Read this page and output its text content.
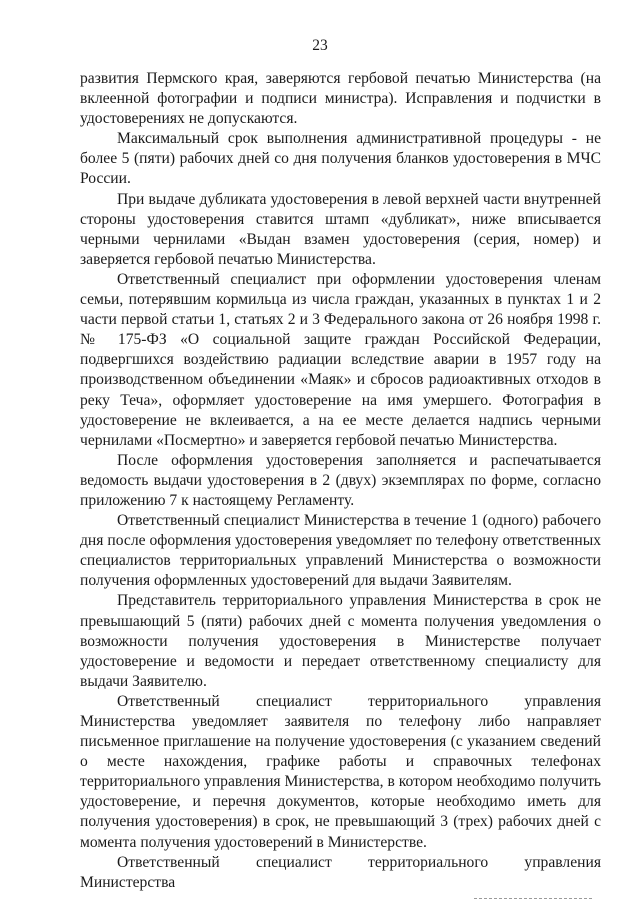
23

развития Пермского края, заверяются гербовой печатью Министерства (на вклеенной фотографии и подписи министра). Исправления и подчистки в удостоверениях не допускаются.

Максимальный срок выполнения административной процедуры - не более 5 (пяти) рабочих дней со дня получения бланков удостоверения в МЧС России.

При выдаче дубликата удостоверения в левой верхней части внутренней стороны удостоверения ставится штамп «дубликат», ниже вписывается черными чернилами «Выдан взамен удостоверения (серия, номер) и заверяется гербовой печатью Министерства.

Ответственный специалист при оформлении удостоверения членам семьи, потерявшим кормильца из числа граждан, указанных в пунктах 1 и 2 части первой статьи 1, статьях 2 и 3 Федерального закона от 26 ноября 1998 г. № 175-ФЗ «О социальной защите граждан Российской Федерации, подвергшихся воздействию радиации вследствие аварии в 1957 году на производственном объединении «Маяк» и сбросов радиоактивных отходов в реку Теча», оформляет удостоверение на имя умершего. Фотография в удостоверение не вклеивается, а на ее месте делается надпись черными чернилами «Посмертно» и заверяется гербовой печатью Министерства.

После оформления удостоверения заполняется и распечатывается ведомость выдачи удостоверения в 2 (двух) экземплярах по форме, согласно приложению 7 к настоящему Регламенту.

Ответственный специалист Министерства в течение 1 (одного) рабочего дня после оформления удостоверения уведомляет по телефону ответственных специалистов территориальных управлений Министерства о возможности получения оформленных удостоверений для выдачи Заявителям.

Представитель территориального управления Министерства в срок не превышающий 5 (пяти) рабочих дней с момента получения уведомления о возможности получения удостоверения в Министерстве получает удостоверение и ведомости и передает ответственному специалисту для выдачи Заявителю.

Ответственный специалист территориального управления Министерства уведомляет заявителя по телефону либо направляет письменное приглашение на получение удостоверения (с указанием сведений о месте нахождения, графике работы и справочных телефонах территориального управления Министерства, в котором необходимо получить удостоверение, и перечня документов, которые необходимо иметь для получения удостоверения) в срок, не превышающий 3 (трех) рабочих дней с момента получения удостоверений в Министерстве.

Ответственный специалист территориального управления Министерства
